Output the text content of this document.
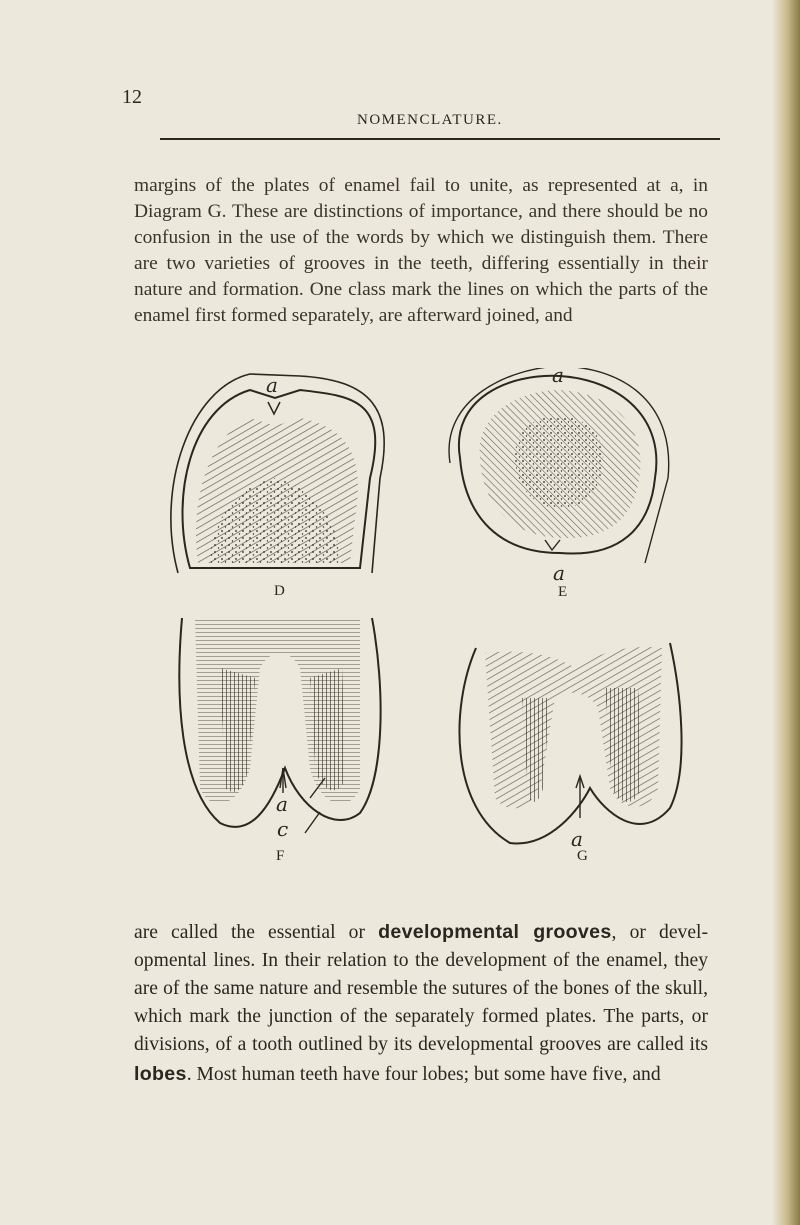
12
NOMENCLATURE.

margins of the plates of enamel fail to unite, as represented at a, in Diagram G. These are distinctions of importance, and there should be no confusion in the use of the words by which we distinguish them. There are two varieties of grooves in the teeth, differing essentially in their nature and formation. One class mark the lines on which the parts of the enamel first formed separately, are afterward joined, and

a
D
a
a
E
a
c
F
a
G

are called the essential or developmental grooves, or developmental lines. In their relation to the development of the enamel, they are of the same nature and resemble the sutures of the bones of the skull, which mark the junction of the separately formed plates. The parts, or divisions, of a tooth outlined by its developmental grooves are called its lobes. Most human teeth have four lobes; but some have five, and
